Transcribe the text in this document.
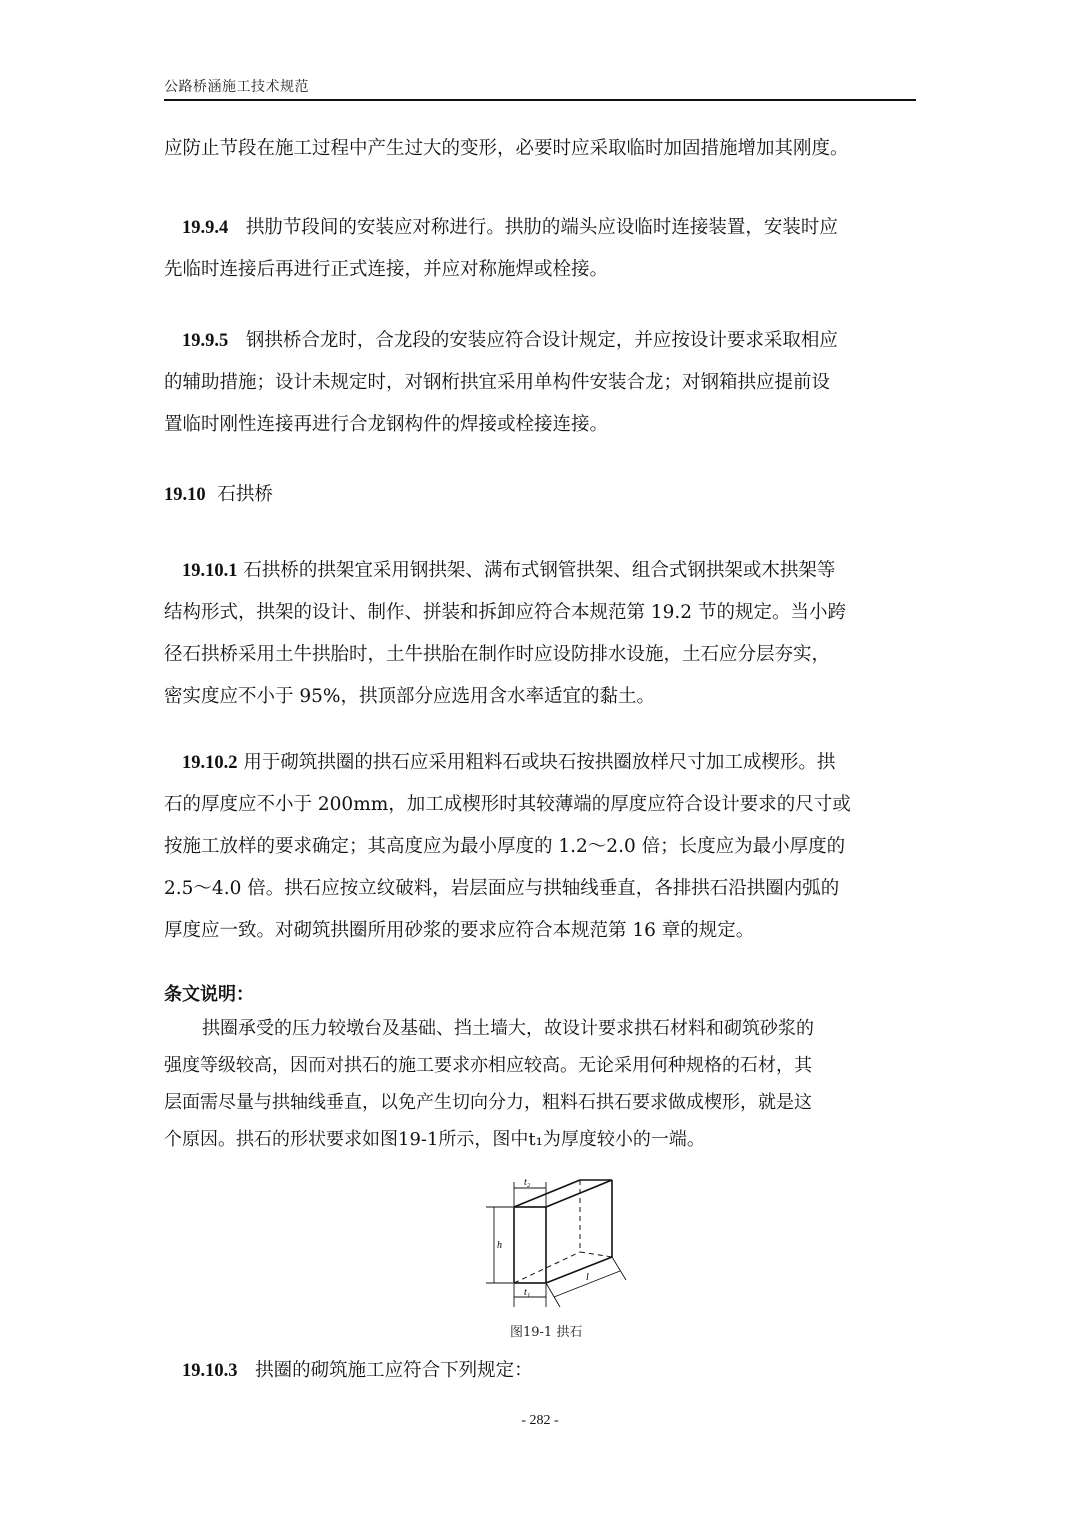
公路桥涵施工技术规范
应防止节段在施工过程中产生过大的变形，必要时应采取临时加固措施增加其刚度。
19.9.4 拱肋节段间的安装应对称进行。拱肋的端头应设临时连接装置，安装时应
先临时连接后再进行正式连接，并应对称施焊或栓接。
19.9.5 钢拱桥合龙时，合龙段的安装应符合设计规定，并应按设计要求采取相应
的辅助措施；设计未规定时，对钢桁拱宜采用单构件安装合龙；对钢箱拱应提前设
置临时刚性连接再进行合龙钢构件的焊接或栓接连接。
19.10 石拱桥
19.10.1 石拱桥的拱架宜采用钢拱架、满布式钢管拱架、组合式钢拱架或木拱架等
结构形式，拱架的设计、制作、拼装和拆卸应符合本规范第 19.2 节的规定。当小跨
径石拱桥采用土牛拱胎时，土牛拱胎在制作时应设防排水设施，土石应分层夯实，
密实度应不小于 95%，拱顶部分应选用含水率适宜的黏土。
19.10.2 用于砌筑拱圈的拱石应采用粗料石或块石按拱圈放样尺寸加工成楔形。拱
石的厚度应不小于 200mm，加工成楔形时其较薄端的厚度应符合设计要求的尺寸或
按施工放样的要求确定；其高度应为最小厚度的 1.2～2.0 倍；长度应为最小厚度的
2.5～4.0 倍。拱石应按立纹破料，岩层面应与拱轴线垂直，各排拱石沿拱圈内弧的
厚度应一致。对砌筑拱圈所用砂浆的要求应符合本规范第 16 章的规定。
条文说明：
拱圈承受的压力较墩台及基础、挡土墙大，故设计要求拱石材料和砌筑砂浆的
强度等级较高，因而对拱石的施工要求亦相应较高。无论采用何种规格的石材，其
层面需尽量与拱轴线垂直，以免产生切向分力，粗料石拱石要求做成楔形，就是这
个原因。拱石的形状要求如图19-1所示，图中t₁为厚度较小的一端。
t₂
t₁
h
l
图19-1 拱石
19.10.3 拱圈的砌筑施工应符合下列规定：
- 282 -
